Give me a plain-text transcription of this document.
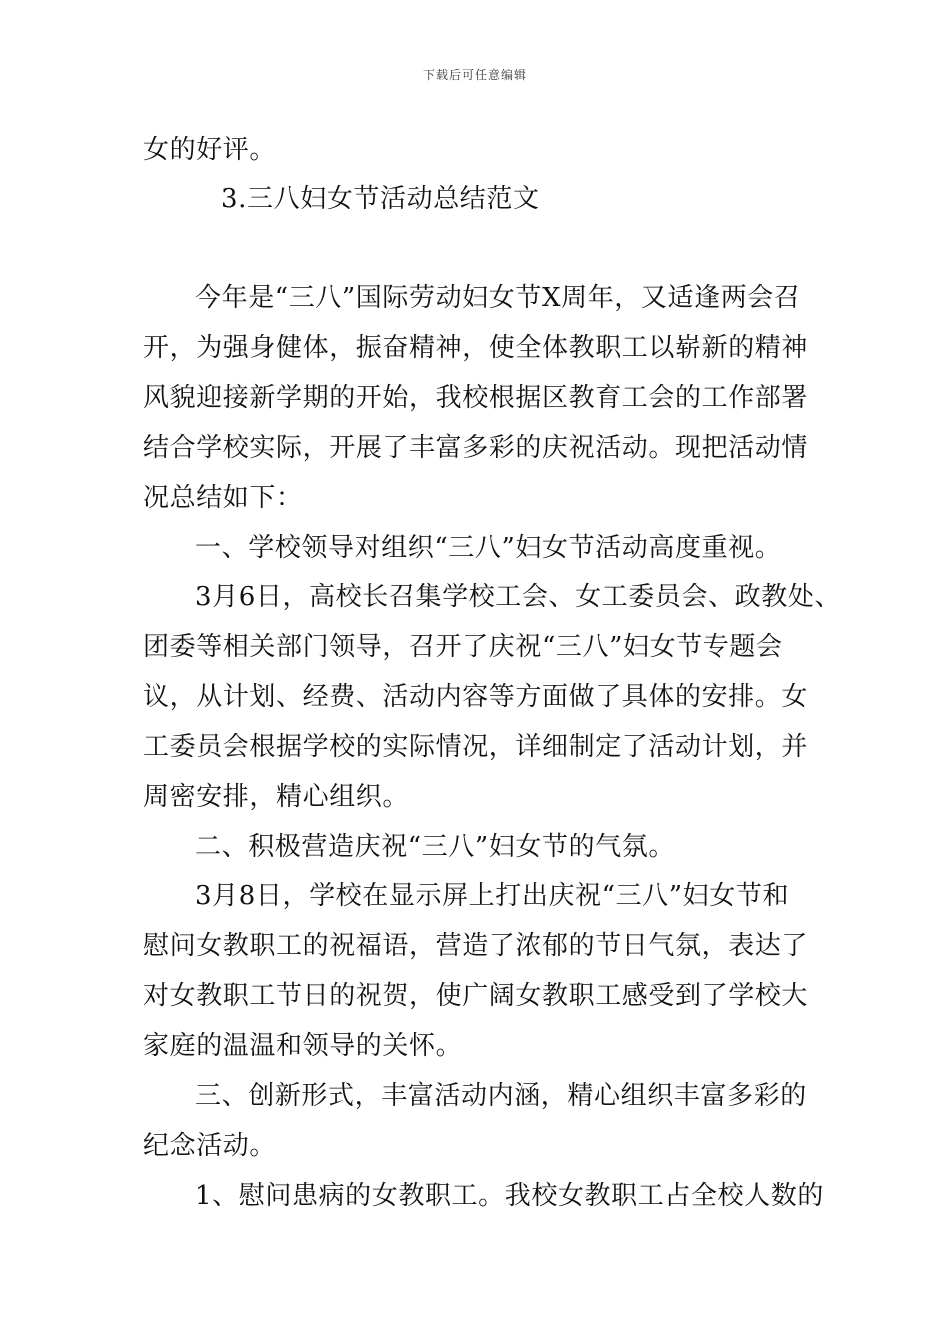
下载后可任意编辑
女的好评。
3.三八妇女节活动总结范文
今年是“三八”国际劳动妇女节X周年，又适逢两会召
开，为强身健体，振奋精神，使全体教职工以崭新的精神
风貌迎接新学期的开始，我校根据区教育工会的工作部署
结合学校实际，开展了丰富多彩的庆祝活动。现把活动情
况总结如下：
一、学校领导对组织“三八”妇女节活动高度重视。
3月6日，高校长召集学校工会、女工委员会、政教处、
团委等相关部门领导，召开了庆祝“三八”妇女节专题会
议，从计划、经费、活动内容等方面做了具体的安排。女
工委员会根据学校的实际情况，详细制定了活动计划，并
周密安排，精心组织。
二、积极营造庆祝“三八”妇女节的气氛。
3月8日，学校在显示屏上打出庆祝“三八”妇女节和
慰问女教职工的祝福语，营造了浓郁的节日气氛，表达了
对女教职工节日的祝贺，使广阔女教职工感受到了学校大
家庭的温温和领导的关怀。
三、创新形式，丰富活动内涵，精心组织丰富多彩的
纪念活动。
1、慰问患病的女教职工。我校女教职工占全校人数的
